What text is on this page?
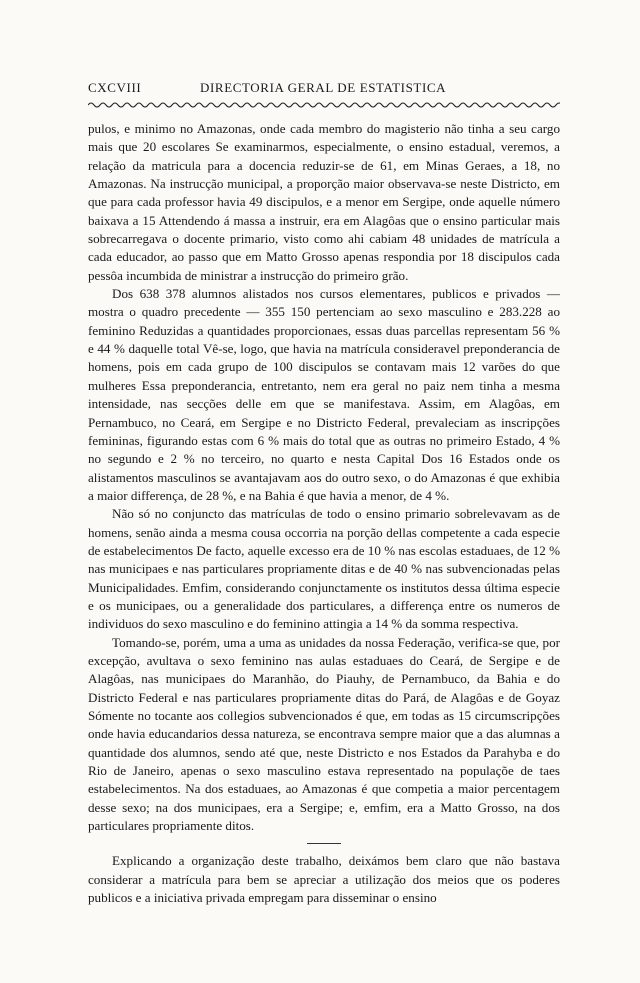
CXCVIII	DIRECTORIA GERAL DE ESTATISTICA

pulos, e minimo no Amazonas, onde cada membro do magisterio não tinha a seu cargo mais que 20 escolares Se examinarmos, especialmente, o ensino estadual, veremos, a relação da matricula para a docencia reduzir-se de 61, em Minas Geraes, a 18, no Amazonas. Na instrucção municipal, a proporção maior observava-se neste Districto, em que para cada professor havia 49 discipulos, e a menor em Sergipe, onde aquelle número baixava a 15 Attendendo á massa a instruir, era em Alagôas que o ensino particular mais sobrecarregava o docente primario, visto como ahi cabiam 48 unidades de matrícula a cada educador, ao passo que em Matto Grosso apenas respondia por 18 discipulos cada pessôa incumbida de ministrar a instrucção do primeiro grão.

Dos 638 378 alumnos alistados nos cursos elementares, publicos e privados — mostra o quadro precedente — 355 150 pertenciam ao sexo masculino e 283.228 ao feminino Reduzidas a quantidades proporcionaes, essas duas parcellas representam 56 % e 44 % daquelle total Vê-se, logo, que havia na matrícula consideravel preponderancia de homens, pois em cada grupo de 100 discipulos se contavam mais 12 varões do que mulheres Essa preponderancia, entretanto, nem era geral no paiz nem tinha a mesma intensidade, nas secções delle em que se manifestava. Assim, em Alagôas, em Pernambuco, no Ceará, em Sergipe e no Districto Federal, prevaleciam as inscripções femininas, figurando estas com 6 % mais do total que as outras no primeiro Estado, 4 % no segundo e 2 % no terceiro, no quarto e nesta Capital Dos 16 Estados onde os alistamentos masculinos se avantajavam aos do outro sexo, o do Amazonas é que exhibia a maior differença, de 28 %, e na Bahia é que havia a menor, de 4 %.

Não só no conjuncto das matrículas de todo o ensino primario sobrelevavam as de homens, senão ainda a mesma cousa occorria na porção dellas competente a cada especie de estabelecimentos De facto, aquelle excesso era de 10 % nas escolas estaduaes, de 12 % nas municipaes e nas particulares propriamente ditas e de 40 % nas subvencionadas pelas Municipalidades. Emfim, considerando conjunctamente os institutos dessa última especie e os municipaes, ou a generalidade dos particulares, a differença entre os numeros de individuos do sexo masculino e do feminino attingia a 14 % da somma respectiva.

Tomando-se, porém, uma a uma as unidades da nossa Federação, verifica-se que, por excepção, avultava o sexo feminino nas aulas estaduaes do Ceará, de Sergipe e de Alagôas, nas municipaes do Maranhão, do Piauhy, de Pernambuco, da Bahia e do Districto Federal e nas particulares propriamente ditas do Pará, de Alagôas e de Goyaz Sómente no tocante aos collegios subvencionados é que, em todas as 15 circumscripções onde havia educandarios dessa natureza, se encontrava sempre maior que a das alumnas a quantidade dos alumnos, sendo até que, neste Districto e nos Estados da Parahyba e do Rio de Janeiro, apenas o sexo masculino estava representado na populaçõe de taes estabelecimentos. Na dos estaduaes, ao Amazonas é que competia a maior percentagem desse sexo; na dos municipaes, era a Sergipe; e, emfim, era a Matto Grosso, na dos particulares propriamente ditos.

Explicando a organização deste trabalho, deixámos bem claro que não bastava considerar a matrícula para bem se apreciar a utilização dos meios que os poderes publicos e a iniciativa privada empregam para disseminar o ensino
